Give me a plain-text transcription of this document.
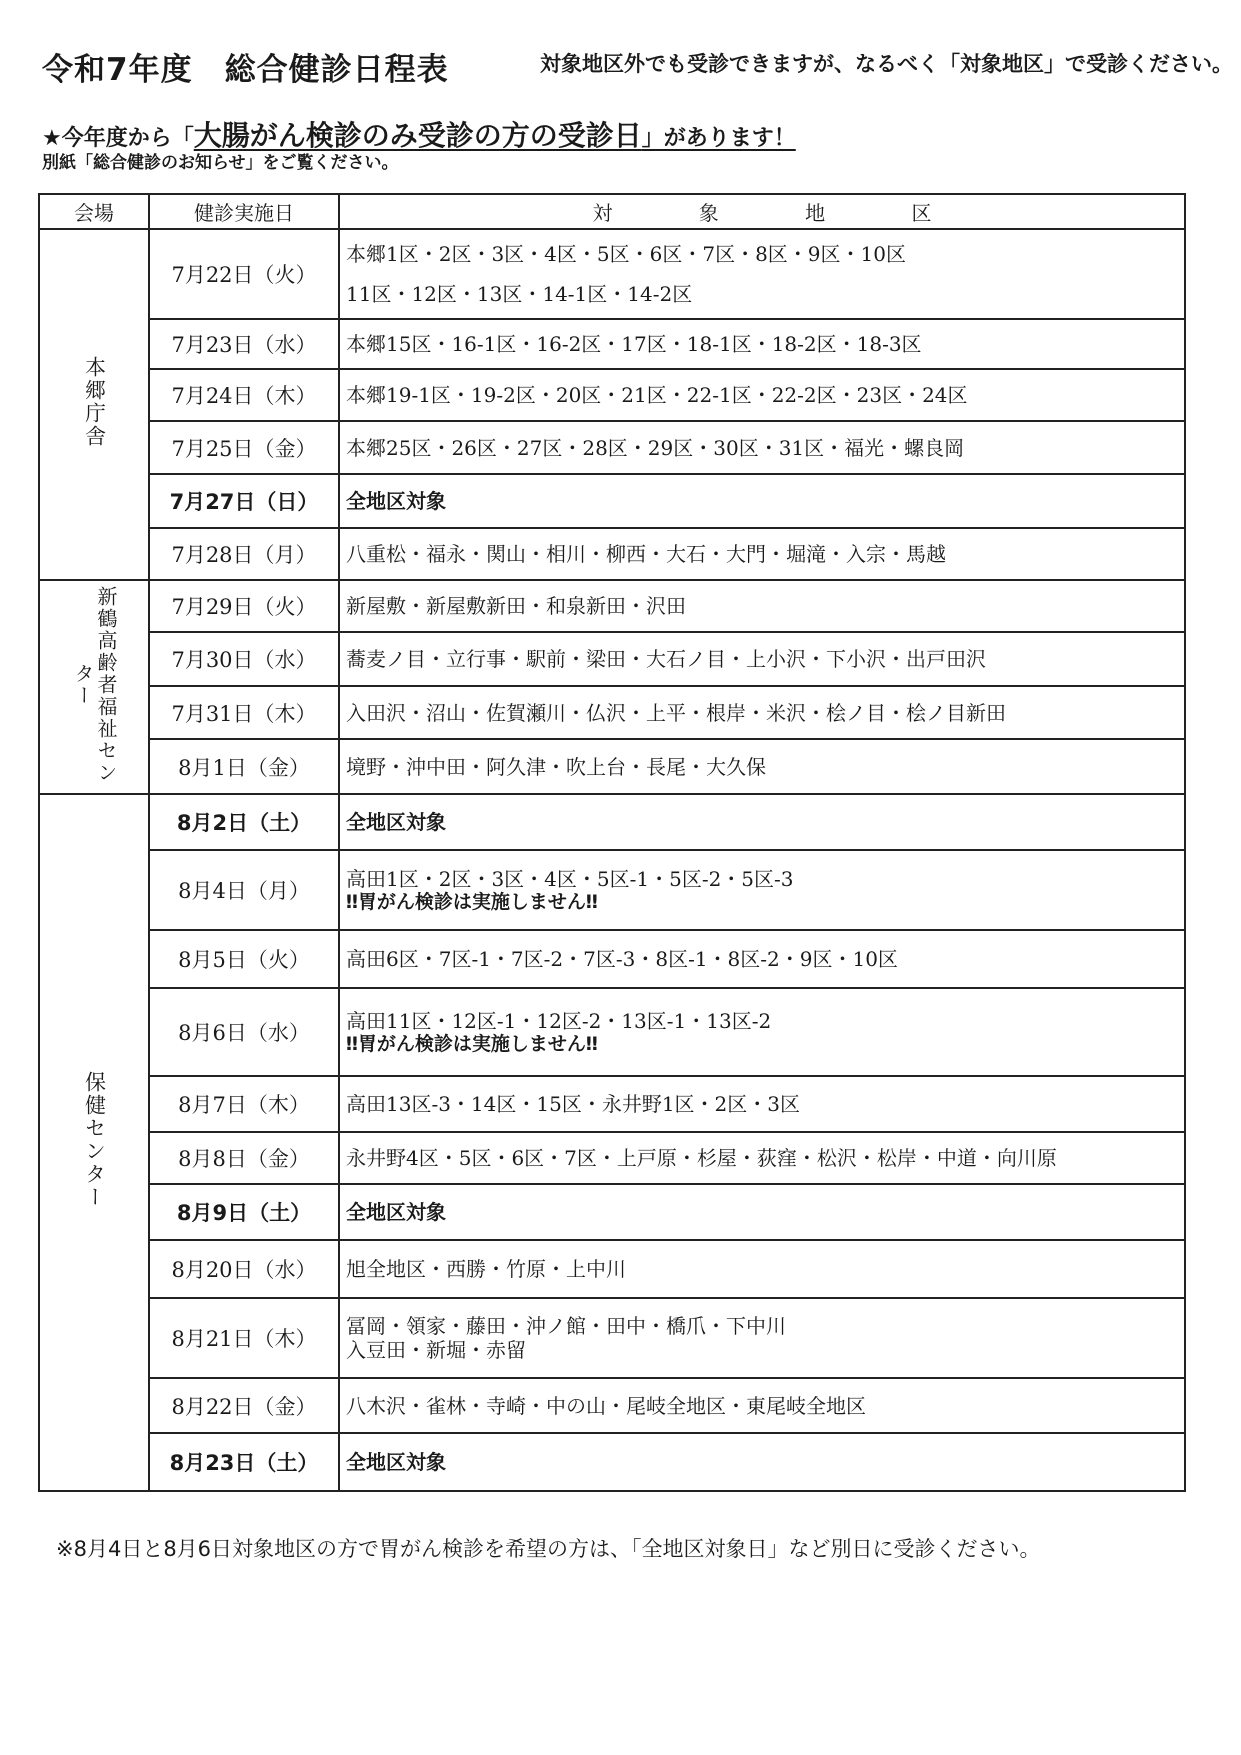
令和7年度　総合健診日程表	対象地区外でも受診できますが、なるべく「対象地区」で受診ください。
★今年度から「大腸がん検診のみ受診の方の受診日」があります！
別紙「総合健診のお知らせ」をご覧ください。
会場	健診実施日	対 象 地 区
本郷庁舎	7月22日（火）	本郷1区・2区・3区・4区・5区・6区・7区・8区・9区・10区
11区・12区・13区・14-1区・14-2区

	7月23日（水）	本郷15区・16-1区・16-2区・17区・18-1区・18-2区・18-3区
	7月24日（木）	本郷19-1区・19-2区・20区・21区・22-1区・22-2区・23区・24区
	7月25日（金）	本郷25区・26区・27区・28区・29区・30区・31区・福光・螺良岡
	7月27日（日）	全地区対象
	7月28日（月）	八重松・福永・関山・相川・柳西・大石・大門・堀滝・入宗・馬越
新鶴高齢者福祉センター	7月29日（火）	新屋敷・新屋敷新田・和泉新田・沢田
	7月30日（水）	蕎麦ノ目・立行事・駅前・梁田・大石ノ目・上小沢・下小沢・出戸田沢
	7月31日（木）	入田沢・沼山・佐賀瀬川・仏沢・上平・根岸・米沢・桧ノ目・桧ノ目新田
	8月1日（金）	境野・沖中田・阿久津・吹上台・長尾・大久保
保健センター	8月2日（土）	全地区対象
	8月4日（月）	高田1区・2区・3区・4区・5区-1・5区-2・5区-3
‼胃がん検診は実施しません‼

	8月5日（火）	高田6区・7区-1・7区-2・7区-3・8区-1・8区-2・9区・10区
	8月6日（水）	高田11区・12区-1・12区-2・13区-1・13区-2
‼胃がん検診は実施しません‼

	8月7日（木）	高田13区-3・14区・15区・永井野1区・2区・3区
	8月8日（金）	永井野4区・5区・6区・7区・上戸原・杉屋・荻窪・松沢・松岸・中道・向川原
	8月9日（土）	全地区対象
	8月20日（水）	旭全地区・西勝・竹原・上中川
	8月21日（木）	冨岡・領家・藤田・沖ノ館・田中・橋爪・下中川
入豆田・新堀・赤留

	8月22日（金）	八木沢・雀林・寺崎・中の山・尾岐全地区・東尾岐全地区
	8月23日（土）	全地区対象
※8月4日と8月6日対象地区の方で胃がん検診を希望の方は、「全地区対象日」など別日に受診ください。
